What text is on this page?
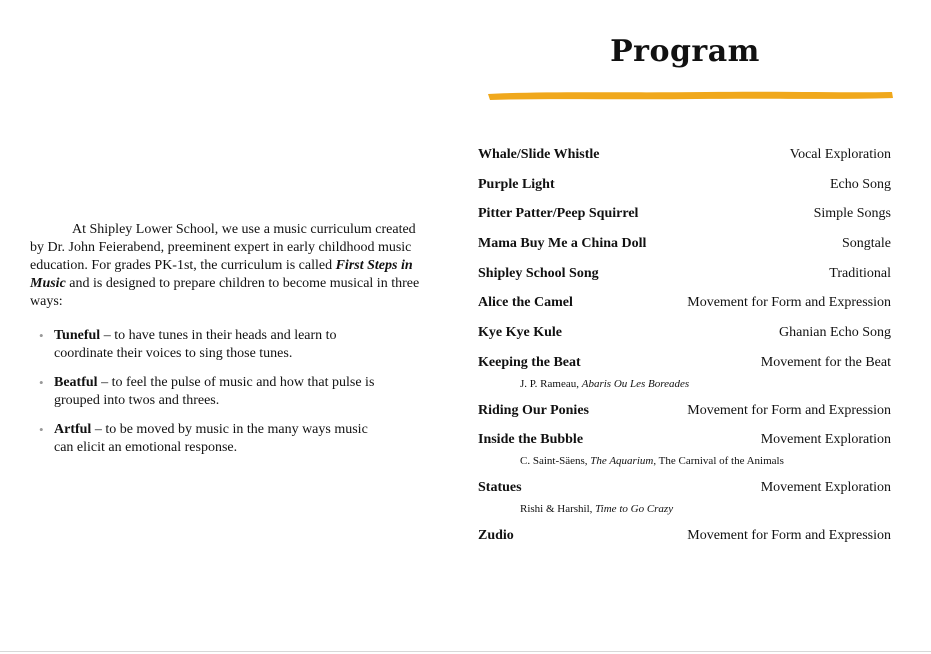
At Shipley Lower School, we use a music curriculum created by Dr. John Feierabend, preeminent expert in early childhood music education. For grades PK-1st, the curriculum is called First Steps in Music and is designed to prepare children to become musical in three ways:

• Tuneful – to have tunes in their heads and learn to coordinate their voices to sing those tunes.
• Beatful – to feel the pulse of music and how that pulse is grouped into twos and threes.
• Artful – to be moved by music in the many ways music can elicit an emotional response.
Program
Whale/Slide Whistle	Vocal Exploration
Purple Light	Echo Song
Pitter Patter/Peep Squirrel	Simple Songs
Mama Buy Me a China Doll	Songtale
Shipley School Song	Traditional
Alice the Camel	Movement for Form and Expression
Kye Kye Kule	Ghanian Echo Song
Keeping the Beat	Movement for the Beat
J. P. Rameau, Abaris Ou Les Boreades
Riding Our Ponies	Movement for Form and Expression
Inside the Bubble	Movement Exploration
C. Saint-Säens, The Aquarium, The Carnival of the Animals
Statues	Movement Exploration
Rishi & Harshil, Time to Go Crazy
Zudio	Movement for Form and Expression
